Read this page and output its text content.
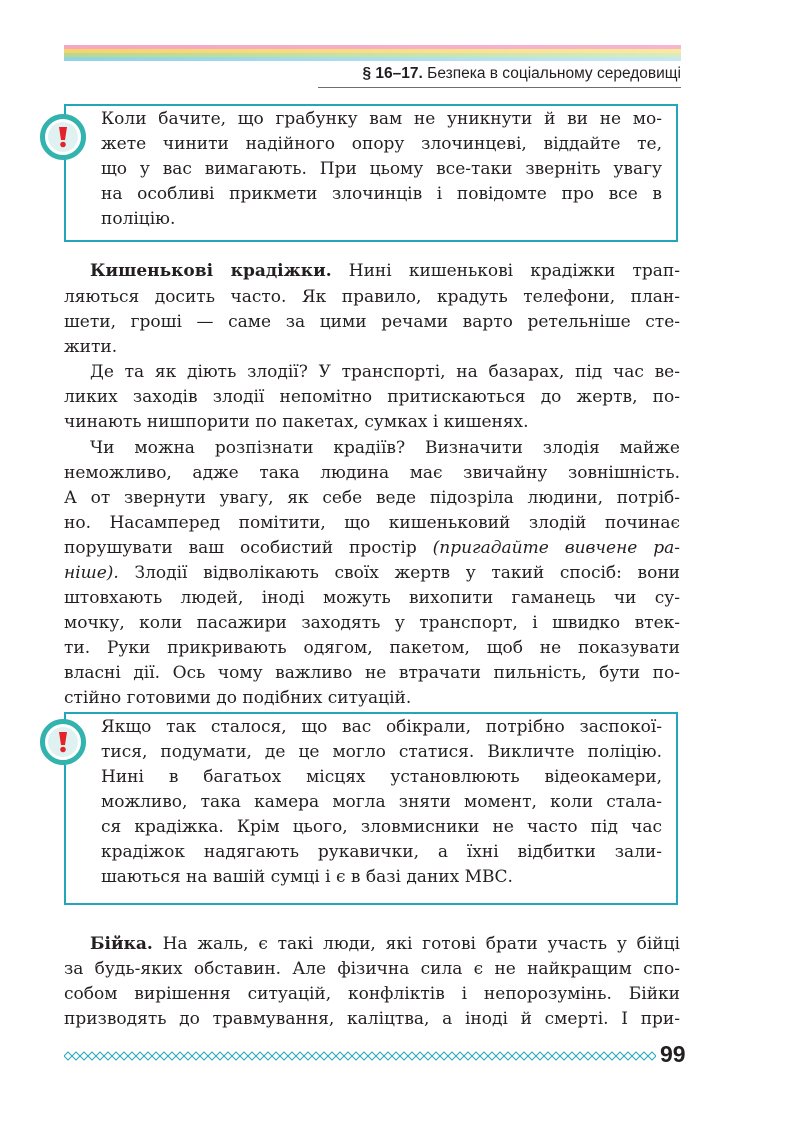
§ 16–17. Безпека в соціальному середовищі
Коли бачите, що грабунку вам не уникнути й ви не мо-
жете чинити надійного опору злочинцеві, віддайте те,
що у вас вимагають. При цьому все-таки зверніть увагу
на особливі прикмети злочинців і повідомте про все в
поліцію.
Кишенькові крадіжки. Нині кишенькові крадіжки трап-
ляються досить часто. Як правило, крадуть телефони, план-
шети, гроші — саме за цими речами варто ретельніше сте-
жити.
Де та як діють злодії? У транспорті, на базарах, під час ве-
ликих заходів злодії непомітно притискаються до жертв, по-
чинають нишпорити по пакетах, сумках і кишенях.
Чи можна розпізнати крадіїв? Визначити злодія майже
неможливо, адже така людина має звичайну зовнішність.
А от звернути увагу, як себе веде підозріла людини, потріб-
но. Насамперед помітити, що кишеньковий злодій починає
порушувати ваш особистий простір (пригадайте вивчене ра-
ніше). Злодії відволікають своїх жертв у такий спосіб: вони
штовхають людей, іноді можуть вихопити гаманець чи су-
мочку, коли пасажири заходять у транспорт, і швидко втек-
ти. Руки прикривають одягом, пакетом, щоб не показувати
власні дії. Ось чому важливо не втрачати пильність, бути по-
стійно готовими до подібних ситуацій.
Якщо так сталося, що вас обікрали, потрібно заспокої-
тися, подумати, де це могло статися. Викличте поліцію.
Нині в багатьох місцях установлюють відеокамери,
можливо, така камера могла зняти момент, коли стала-
ся крадіжка. Крім цього, зловмисники не часто під час
крадіжок надягають рукавички, а їхні відбитки зали-
шаються на вашій сумці і є в базі даних МВС.
Бійка. На жаль, є такі люди, які готові брати участь у бійці
за будь-яких обставин. Але фізична сила є не найкращим спо-
собом вирішення ситуацій, конфліктів і непорозумінь. Бійки
призводять до травмування, каліцтва, а іноді й смерті. І при-
99
